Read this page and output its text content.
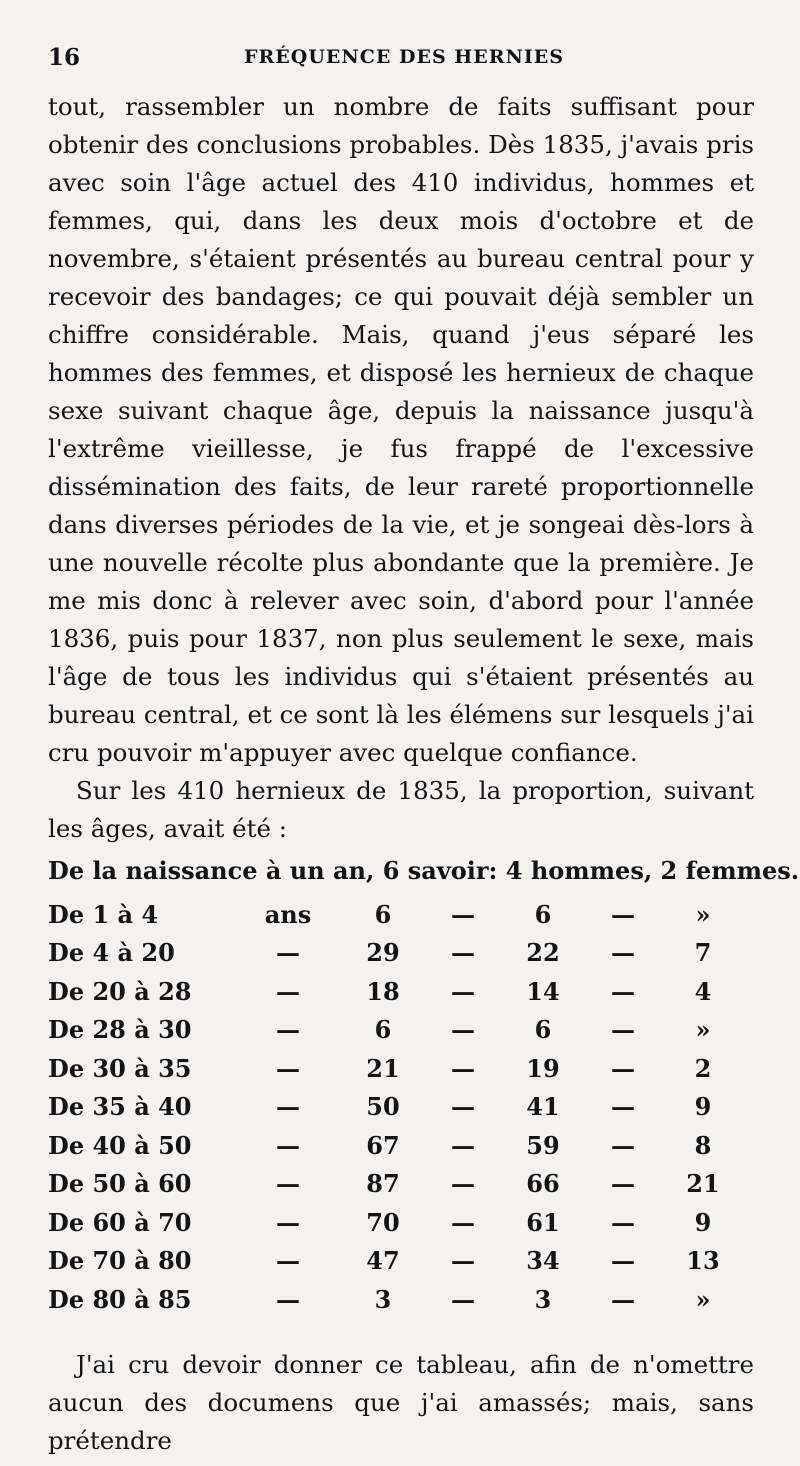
16	FRÉQUENCE DES HERNIES

tout, rassembler un nombre de faits suffisant pour obtenir des conclusions probables. Dès 1835, j'avais pris avec soin l'âge actuel des 410 individus, hommes et femmes, qui, dans les deux mois d'octobre et de novembre, s'étaient présentés au bureau central pour y recevoir des bandages; ce qui pouvait déjà sembler un chiffre considérable. Mais, quand j'eus séparé les hommes des femmes, et disposé les hernieux de chaque sexe suivant chaque âge, depuis la naissance jusqu'à l'extrême vieillesse, je fus frappé de l'excessive dissémination des faits, de leur rareté proportionnelle dans diverses périodes de la vie, et je songeai dès-lors à une nouvelle récolte plus abondante que la première. Je me mis donc à relever avec soin, d'abord pour l'année 1836, puis pour 1837, non plus seulement le sexe, mais l'âge de tous les individus qui s'étaient présentés au bureau central, et ce sont là les élémens sur lesquels j'ai cru pouvoir m'appuyer avec quelque confiance.

Sur les 410 hernieux de 1835, la proportion, suivant les âges, avait été :

De la naissance à un an, 6 savoir: 4 hommes, 2 femmes.
De 1 à 4	ans	6	—	6	—	»
De 4 à 20	—	29	—	22	—	7
De 20 à 28	—	18	—	14	—	4
De 28 à 30	—	6	—	6	—	»
De 30 à 35	—	21	—	19	—	2
De 35 à 40	—	50	—	41	—	9
De 40 à 50	—	67	—	59	—	8
De 50 à 60	—	87	—	66	—	21
De 60 à 70	—	70	—	61	—	9
De 70 à 80	—	47	—	34	—	13
De 80 à 85	—	3	—	3	—	»

J'ai cru devoir donner ce tableau, afin de n'omettre aucun des documens que j'ai amassés; mais, sans prétendre
